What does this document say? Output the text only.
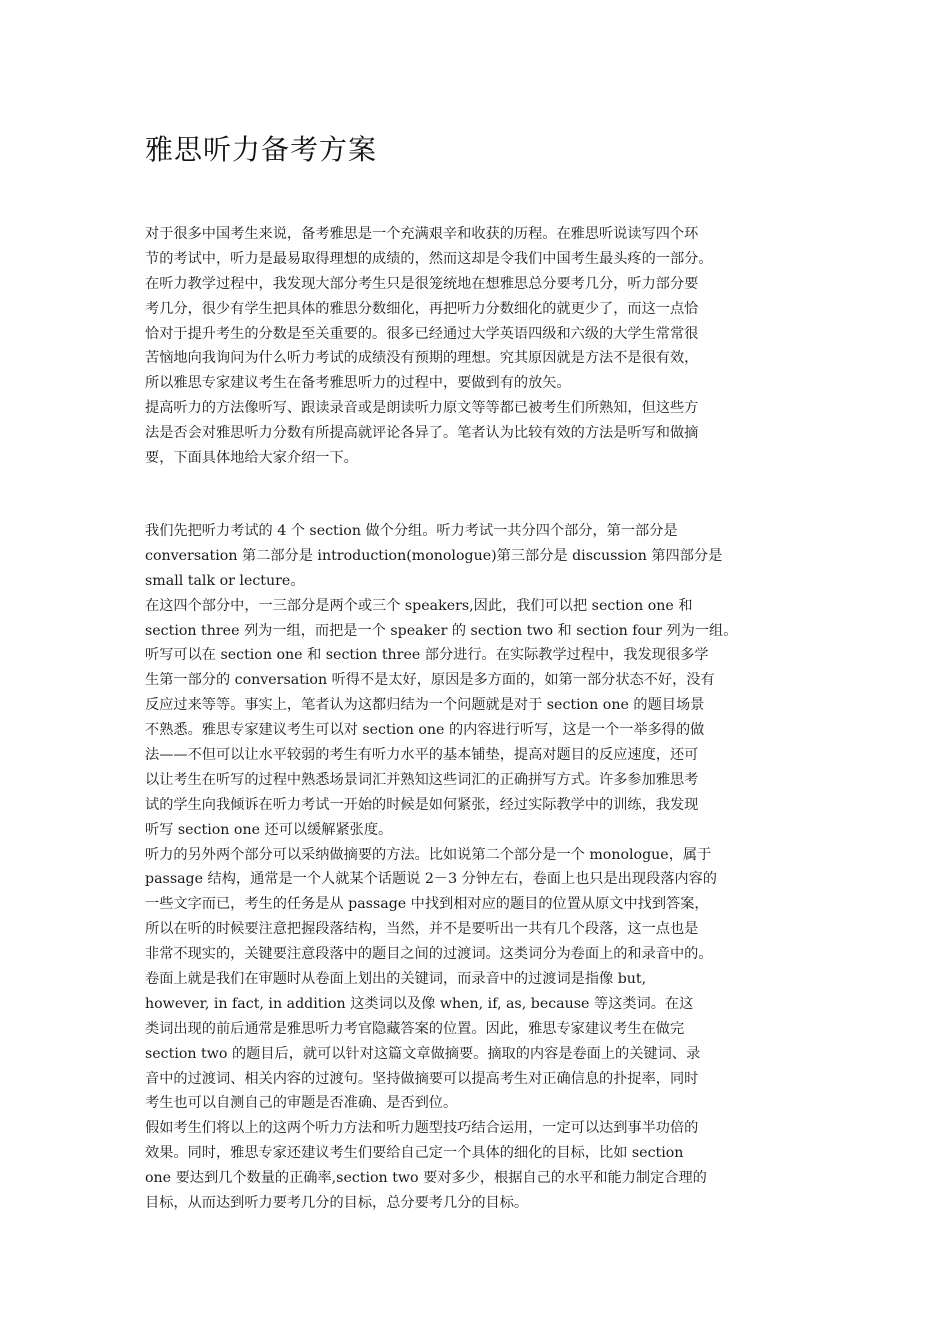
雅思听力备考方案
对于很多中国考生来说，备考雅思是一个充满艰辛和收获的历程。在雅思听说读写四个环
节的考试中，听力是最易取得理想的成绩的，然而这却是令我们中国考生最头疼的一部分。
在听力教学过程中，我发现大部分考生只是很笼统地在想雅思总分要考几分，听力部分要
考几分，很少有学生把具体的雅思分数细化，再把听力分数细化的就更少了，而这一点恰
恰对于提升考生的分数是至关重要的。很多已经通过大学英语四级和六级的大学生常常很
苦恼地向我询问为什么听力考试的成绩没有预期的理想。究其原因就是方法不是很有效，
所以雅思专家建议考生在备考雅思听力的过程中，要做到有的放矢。
提高听力的方法像听写、跟读录音或是朗读听力原文等等都已被考生们所熟知，但这些方
法是否会对雅思听力分数有所提高就评论各异了。笔者认为比较有效的方法是听写和做摘
要，下面具体地给大家介绍一下。
我们先把听力考试的 4 个 section 做个分组。听力考试一共分四个部分，第一部分是
conversation 第二部分是 introduction(monologue)第三部分是 discussion 第四部分是
small talk or lecture。
在这四个部分中，一三部分是两个或三个 speakers,因此，我们可以把 section one 和
section three 列为一组，而把是一个 speaker 的 section two 和 section four 列为一组。
听写可以在 section one 和 section three 部分进行。在实际教学过程中，我发现很多学
生第一部分的 conversation 听得不是太好，原因是多方面的，如第一部分状态不好，没有
反应过来等等。事实上，笔者认为这都归结为一个问题就是对于 section one 的题目场景
不熟悉。雅思专家建议考生可以对 section one 的内容进行听写，这是一个一举多得的做
法——不但可以让水平较弱的考生有听力水平的基本铺垫，提高对题目的反应速度，还可
以让考生在听写的过程中熟悉场景词汇并熟知这些词汇的正确拼写方式。许多参加雅思考
试的学生向我倾诉在听力考试一开始的时候是如何紧张，经过实际教学中的训练，我发现
听写 section one 还可以缓解紧张度。
听力的另外两个部分可以采纳做摘要的方法。比如说第二个部分是一个 monologue，属于
passage 结构，通常是一个人就某个话题说 2－3 分钟左右，卷面上也只是出现段落内容的
一些文字而已，考生的任务是从 passage 中找到相对应的题目的位置从原文中找到答案，
所以在听的时候要注意把握段落结构，当然，并不是要听出一共有几个段落，这一点也是
非常不现实的，关键要注意段落中的题目之间的过渡词。这类词分为卷面上的和录音中的。
卷面上就是我们在审题时从卷面上划出的关键词，而录音中的过渡词是指像 but,
however, in fact, in addition 这类词以及像 when, if, as, because 等这类词。在这
类词出现的前后通常是雅思听力考官隐藏答案的位置。因此，雅思专家建议考生在做完
section two 的题目后，就可以针对这篇文章做摘要。摘取的内容是卷面上的关键词、录
音中的过渡词、相关内容的过渡句。坚持做摘要可以提高考生对正确信息的扑捉率，同时
考生也可以自测自己的审题是否准确、是否到位。
假如考生们将以上的这两个听力方法和听力题型技巧结合运用，一定可以达到事半功倍的
效果。同时，雅思专家还建议考生们要给自己定一个具体的细化的目标，比如 section
one 要达到几个数量的正确率,section two 要对多少，根据自己的水平和能力制定合理的
目标，从而达到听力要考几分的目标，总分要考几分的目标。
